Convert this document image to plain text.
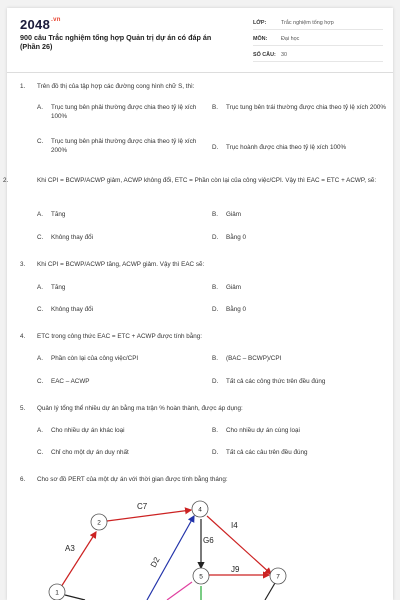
$2048^{.vn}$
900 câu Trắc nghiệm tổng hợp Quản trị dự án có đáp án (Phần 26)
LỚP:	Trắc nghiệm tổng hợp
MÔN:	Đại học
SỐ CÂU: 30
1. Trên đồ thị của tập hợp các đường cong hình chữ S, thì:
A. Trục tung bên phải thường được chia theo tỷ lệ xích 100%
B. Trục tung bên trái thường được chia theo tỷ lệ xích 200%
C. Trục tung bên phải thường được chia theo tỷ lệ xích 200%	D. Trục hoành được chia theo tỷ lệ xích 100%
2.	Khi CPI = BCWP/ACWP giảm, ACWP không đổi, ETC = Phần còn lại của công việc/CPI. Vậy thì EAC = ETC + ACWP, sẽ:
A. Tăng	B. Giảm
C. Không thay đổi	D. Bằng 0
3. Khi CPI = BCWP/ACWP tăng, ACWP giảm. Vậy thì EAC sẽ:
A. Tăng	B. Giảm
C. Không thay đổi	D. Bằng 0
4. ETC trong công thức EAC = ETC + ACWP được tính bằng:
A. Phần còn lại của công việc/CPI	B. (BAC – BCWP)/CPI
C. EAC – ACWP	D. Tất cả các công thức trên đều đúng
5. Quản lý tổng thể nhiều dự án bằng ma trận % hoàn thành, được áp dụng:
A. Cho nhiều dự án khác loại	B. Cho nhiều dự án cùng loại
C. Chỉ cho một dự án duy nhất	D. Tất cả các câu trên đều đúng
6. Cho sơ đồ PERT của một dự án với thời gian được tính bằng tháng:
A3
C7
D2
G6
J9
I4
1
2
4
5	7
